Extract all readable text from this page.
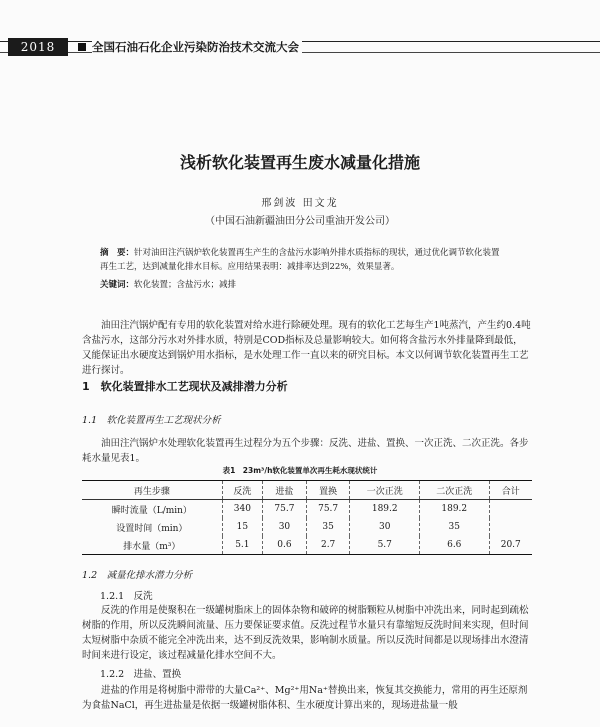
2018	全国石油石化企业污染防治技术交流大会
浅析软化装置再生废水减量化措施
邢剑波 田文龙
（中国石油新疆油田分公司重油开发公司）

摘　要：针对油田注汽锅炉软化装置再生产生的含盐污水影响外排水质指标的现状，通过优化调节软化装置再生工艺，达到减量化排水目标。应用结果表明：减排率达到22%，效果显著。

关键词：软化装置；含盐污水；减排

油田注汽锅炉配有专用的软化装置对给水进行除硬处理。现有的软化工艺每生产1吨蒸汽，产生约0.4吨含盐污水，这部分污水对外排水质，特别是COD指标及总量影响较大。如何将含盐污水外排量降到最低，又能保证出水硬度达到锅炉用水指标，是水处理工作一直以来的研究目标。本文以何调节软化装置再生工艺进行探讨。

1　软化装置排水工艺现状及减排潜力分析
1.1　软化装置再生工艺现状分析

油田注汽锅炉水处理软化装置再生过程分为五个步骤：反洗、进盐、置换、一次正洗、二次正洗。各步耗水量见表1。

表1　23m³/h软化装置单次再生耗水现状统计
再生步骤	反洗	进盐	置换	一次正洗	二次正洗	合计
瞬时流量（L/min）	340	75.7	75.7	189.2	189.2	
设置时间（min）	15	30	35	30	35	
排水量（m³）	5.1	0.6	2.7	5.7	6.6	20.7
1.2　减量化排水潜力分析
1.2.1　反洗

反洗的作用是使聚积在一级罐树脂床上的固体杂物和破碎的树脂颗粒从树脂中冲洗出来，同时起到疏松树脂的作用，所以反洗瞬间流量、压力要保证要求值。反洗过程节水量只有靠缩短反洗时间来实现，但时间太短树脂中杂质不能完全冲洗出来，达不到反洗效果，影响制水质量。所以反洗时间都是以现场排出水澄清时间来进行设定，该过程减量化排水空间不大。

1.2.2　进盐、置换

进盐的作用是将树脂中滞带的大量Ca²⁺、Mg²⁺用Na⁺替换出来，恢复其交换能力，常用的再生还原剂为食盐NaCl，再生进盐量是依据一级罐树脂体积、生水硬度计算出来的，现场进盐量一般
